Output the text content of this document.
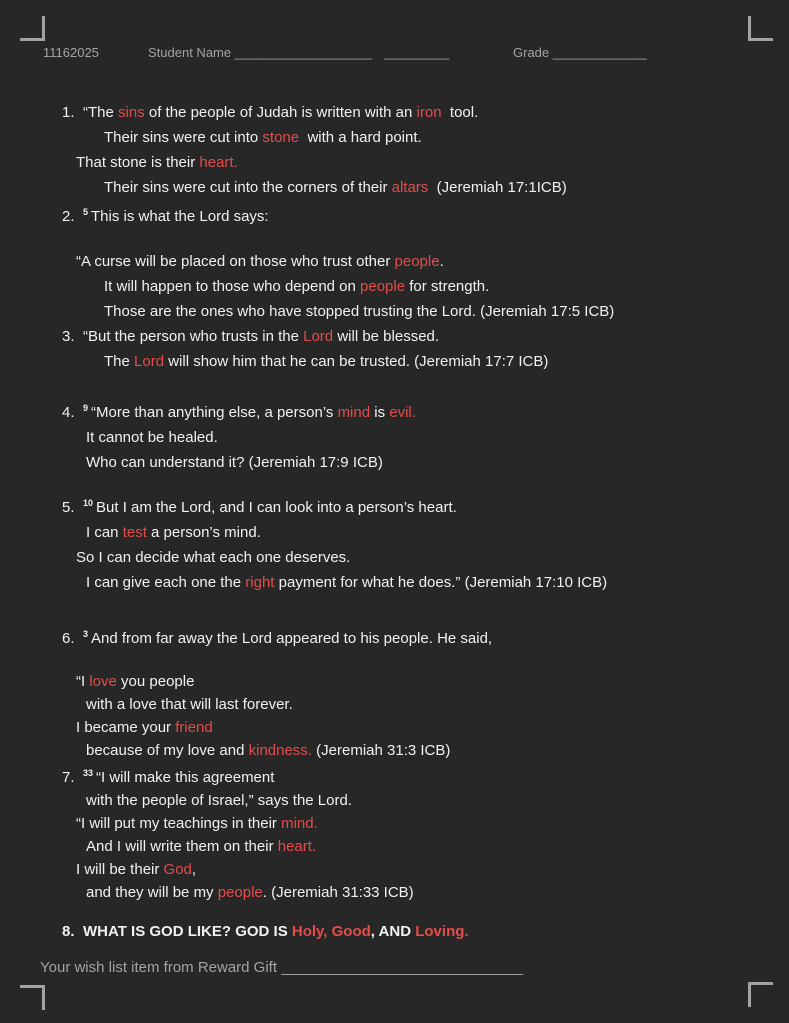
11162025	Student Name ___________________ _________	Grade _____________
1. “The sins of the people of Judah is written with an iron  tool.
Their sins were cut into stone  with a hard point.
That stone is their heart.
Their sins were cut into the corners of their altars  (Jeremiah 17:1ICB)
2. $^5$ This is what the Lord says:
“A curse will be placed on those who trust other people.
It will happen to those who depend on people for strength.
Those are the ones who have stopped trusting the Lord. (Jeremiah 17:5 ICB)
3. “But the person who trusts in the Lord will be blessed.
The Lord will show him that he can be trusted. (Jeremiah 17:7 ICB)
4. $^9$ “More than anything else, a person’s mind is evil.
It cannot be healed.
Who can understand it? (Jeremiah 17:9 ICB)
5. $^{10}$ But I am the Lord, and I can look into a person’s heart.
I can test a person’s mind.
So I can decide what each one deserves.
I can give each one the right payment for what he does.” (Jeremiah 17:10 ICB)
6. $^3$ And from far away the Lord appeared to his people. He said,
“I love you people
with a love that will last forever.
I became your friend
because of my love and kindness. (Jeremiah 31:3 ICB)
7. $^{33}$ “I will make this agreement
with the people of Israel,” says the Lord.
“I will put my teachings in their mind.
And I will write them on their heart.
I will be their God,
and they will be my people. (Jeremiah 31:33 ICB)
8. WHAT IS GOD LIKE? GOD IS Holy, Good, AND Loving.
Your wish list item from Reward Gift _____________________________
